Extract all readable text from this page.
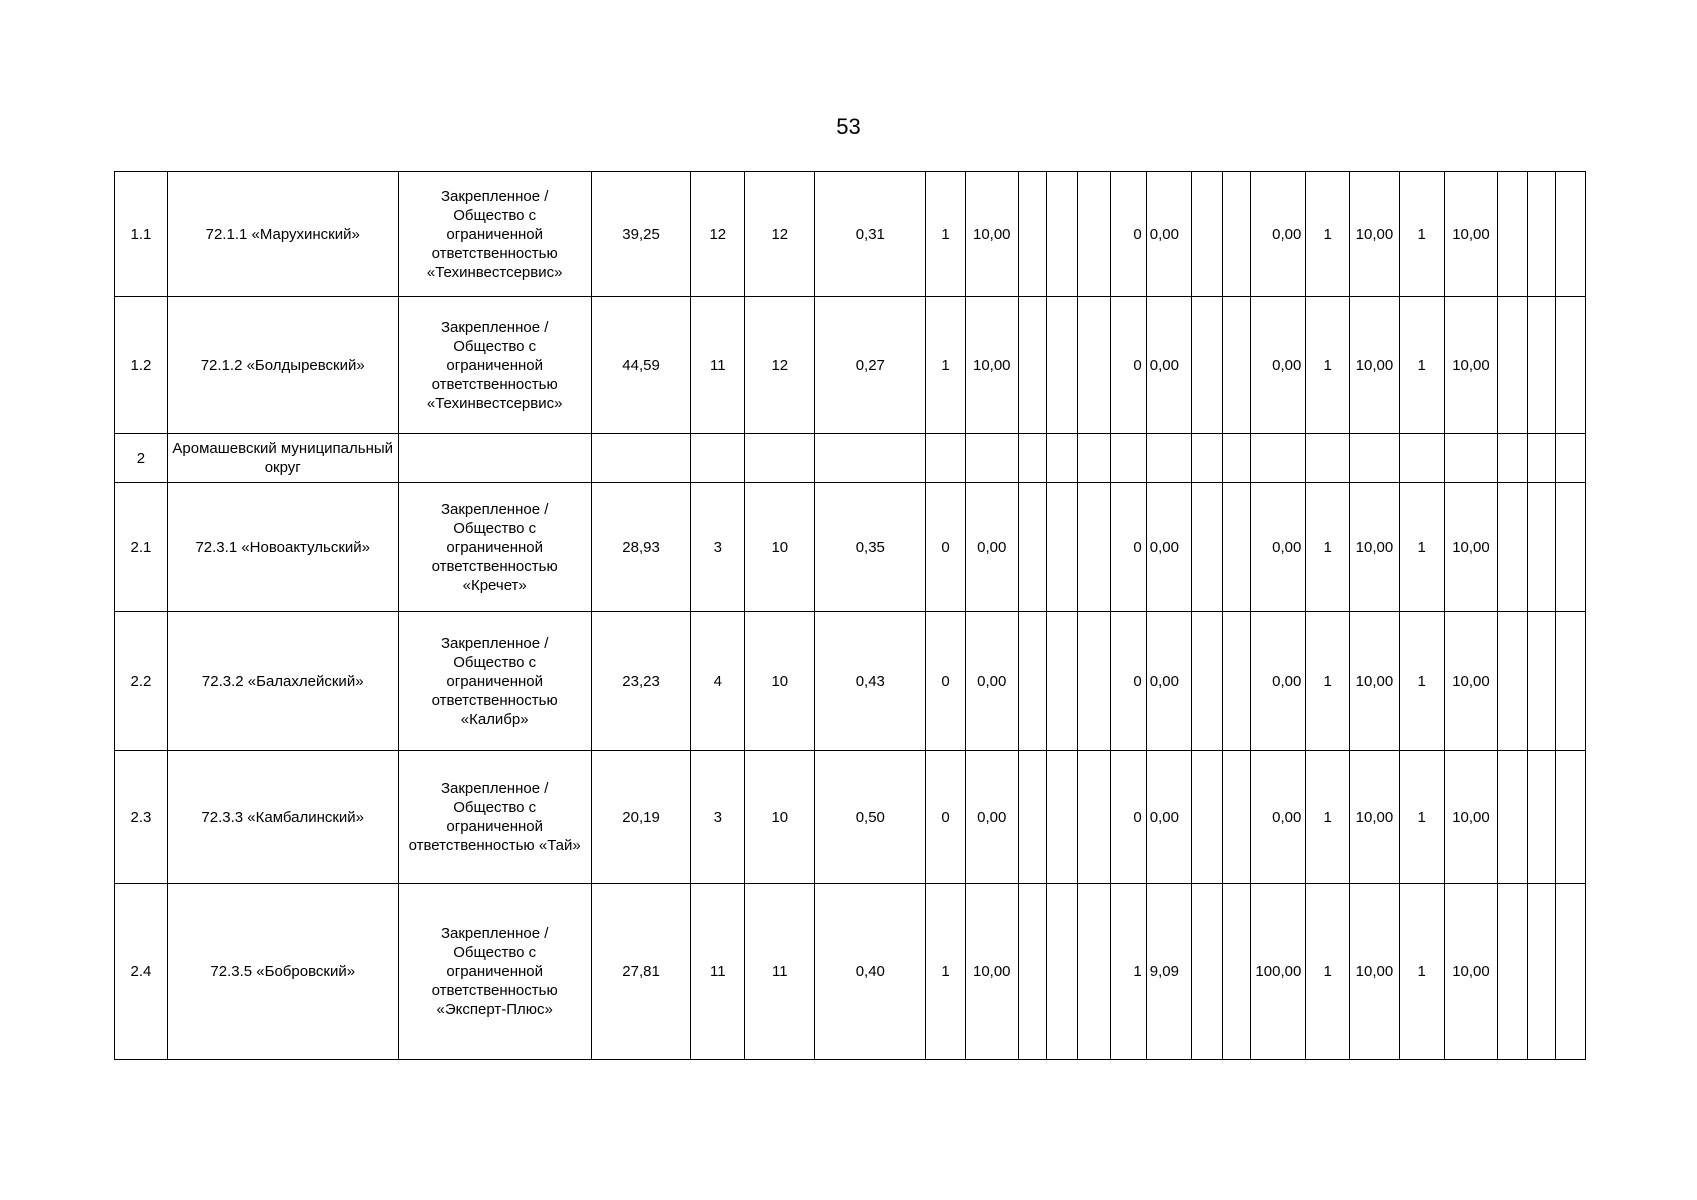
53
1.1	72.1.1 «Марухинский»	Закрепленное / Общество с ограниченной ответственностью «Техинвестсервис»	39,25	12	12	0,31	1	10,00				0	0,00			0,00	1	10,00	1	10,00			
1.2	72.1.2 «Болдыревский»	Закрепленное / Общество с ограниченной ответственностью «Техинвестсервис»	44,59	11	12	0,27	1	10,00				0	0,00			0,00	1	10,00	1	10,00			
2	Аромашевский муниципальный округ																						
2.1	72.3.1 «Новоактульский»	Закрепленное / Общество с ограниченной ответственностью «Кречет»	28,93	3	10	0,35	0	0,00				0	0,00			0,00	1	10,00	1	10,00			
2.2	72.3.2 «Балахлейский»	Закрепленное / Общество с ограниченной ответственностью «Калибр»	23,23	4	10	0,43	0	0,00				0	0,00			0,00	1	10,00	1	10,00			
2.3	72.3.3 «Камбалинский»	Закрепленное / Общество с ограниченной ответственностью «Тай»	20,19	3	10	0,50	0	0,00				0	0,00			0,00	1	10,00	1	10,00			
2.4	72.3.5 «Бобровский»	Закрепленное / Общество с ограниченной ответственностью «Эксперт-Плюс»	27,81	11	11	0,40	1	10,00				1	9,09			100,00	1	10,00	1	10,00			
